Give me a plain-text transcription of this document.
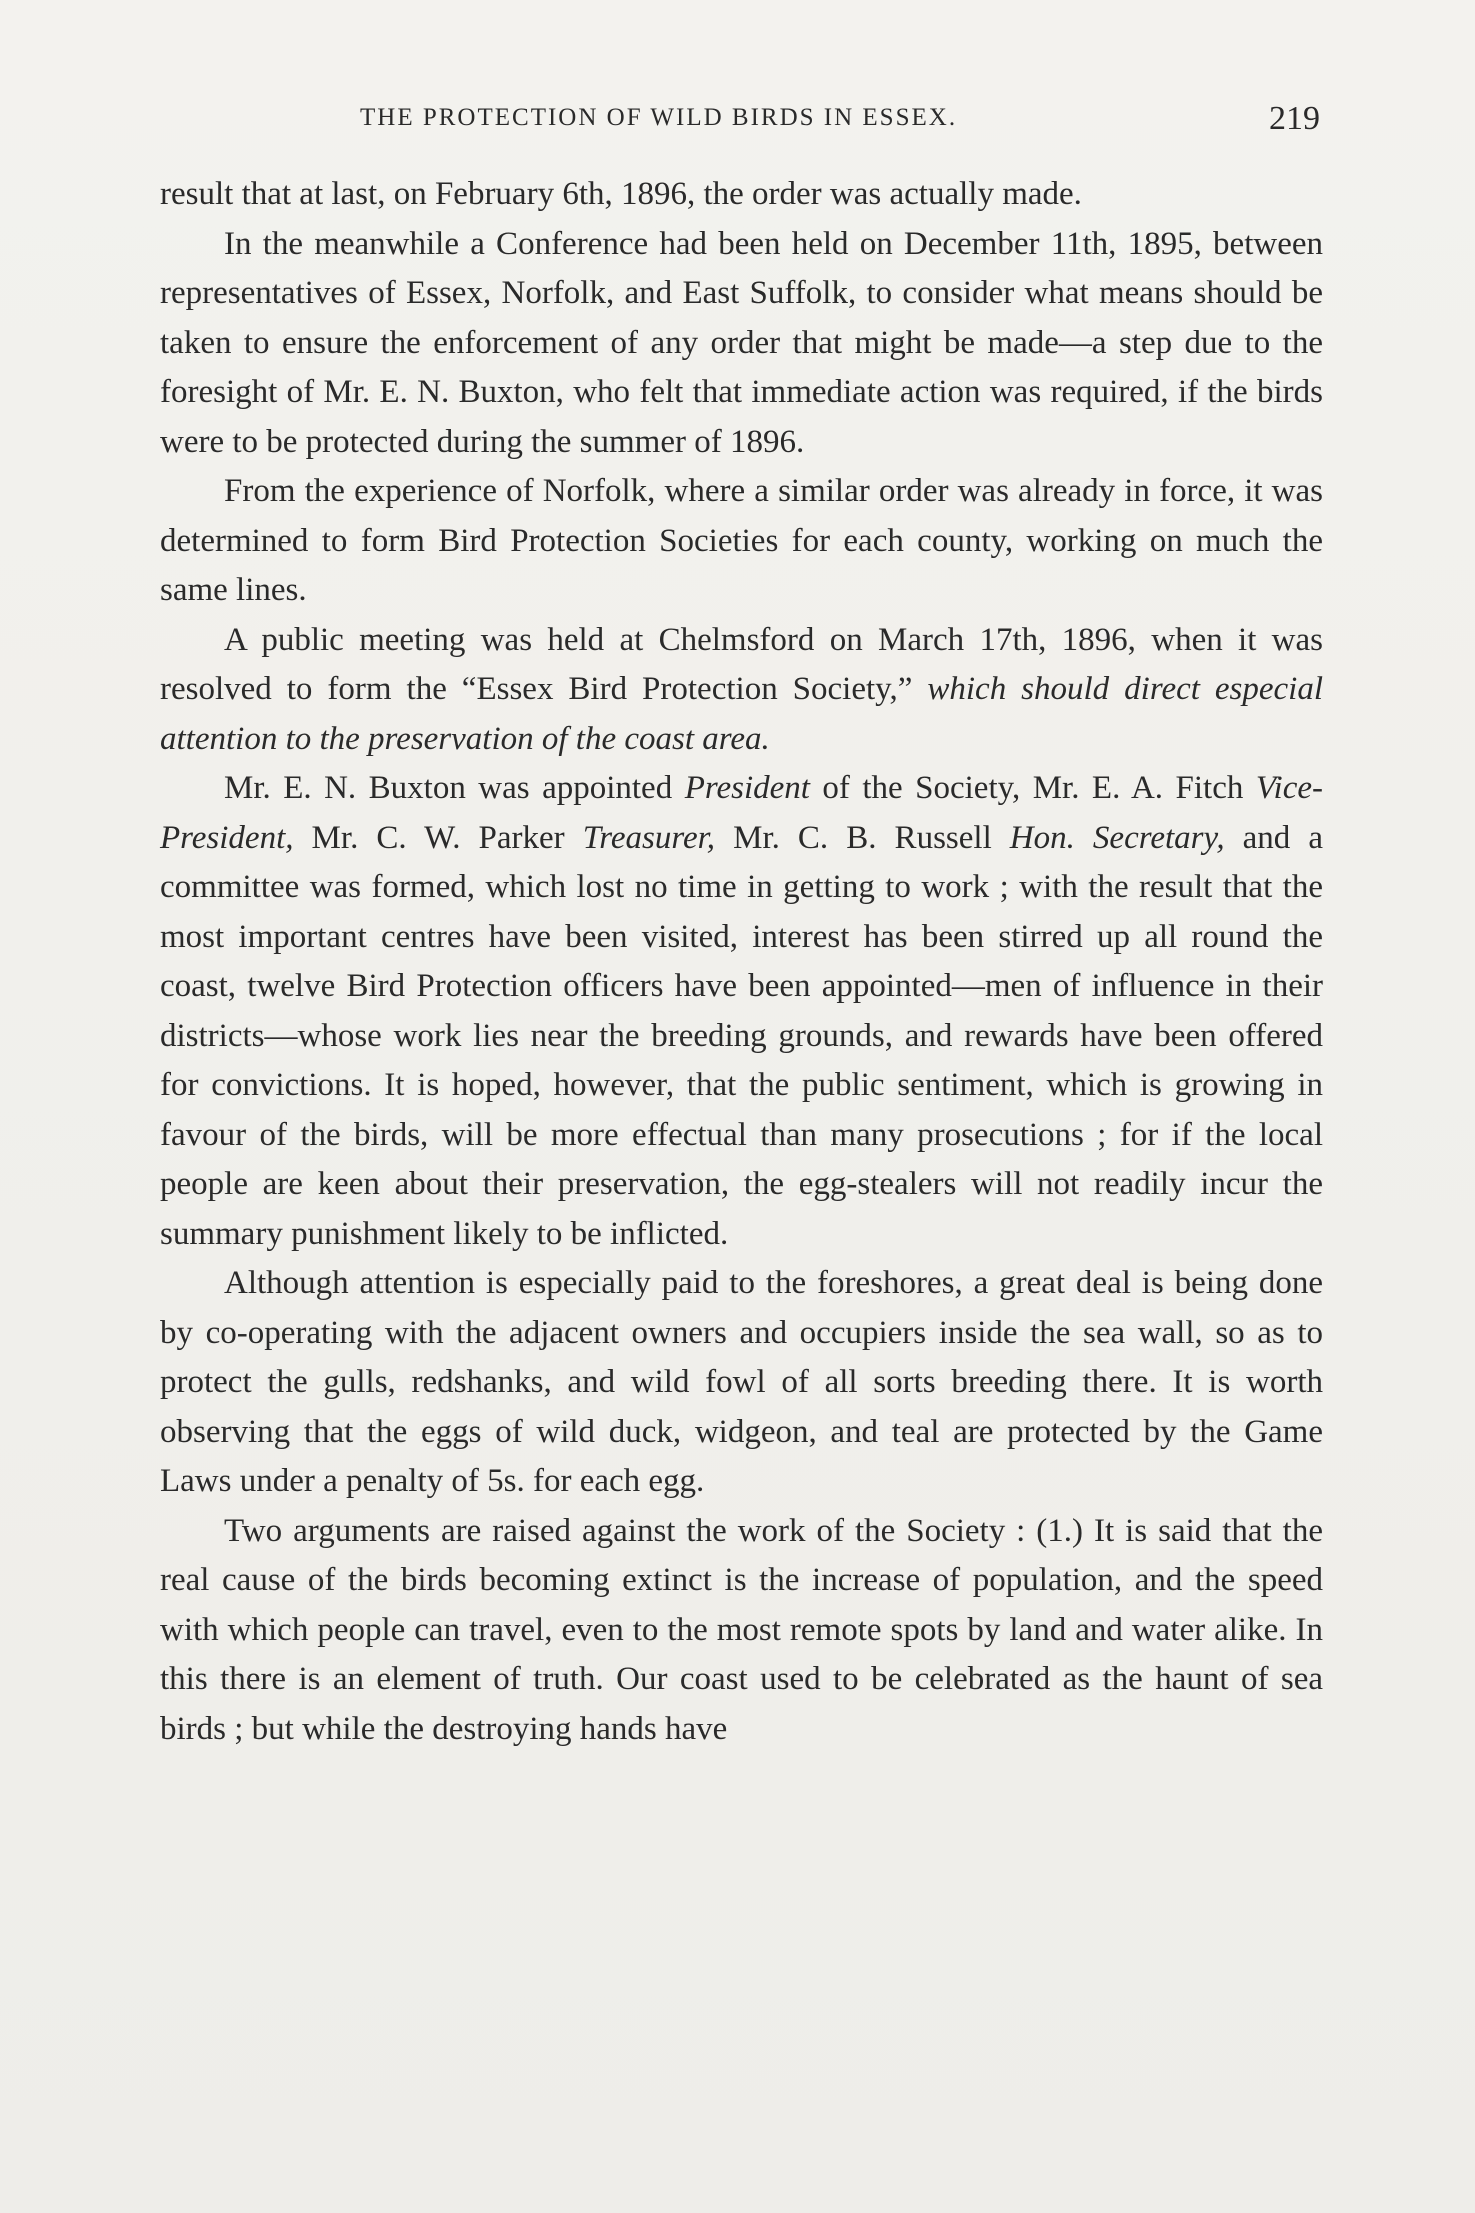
THE PROTECTION OF WILD BIRDS IN ESSEX.	219

result that at last, on February 6th, 1896, the order was actually made.

In the meanwhile a Conference had been held on December 11th, 1895, between representatives of Essex, Norfolk, and East Suffolk, to consider what means should be taken to ensure the enforcement of any order that might be made—a step due to the foresight of Mr. E. N. Buxton, who felt that immediate action was required, if the birds were to be protected during the summer of 1896.

From the experience of Norfolk, where a similar order was already in force, it was determined to form Bird Protection Societies for each county, working on much the same lines.

A public meeting was held at Chelmsford on March 17th, 1896, when it was resolved to form the “Essex Bird Protection Society,” which should direct especial attention to the preservation of the coast area.

Mr. E. N. Buxton was appointed President of the Society, Mr. E. A. Fitch Vice-President, Mr. C. W. Parker Treasurer, Mr. C. B. Russell Hon. Secretary, and a committee was formed, which lost no time in getting to work ; with the result that the most important centres have been visited, interest has been stirred up all round the coast, twelve Bird Protection officers have been appointed—men of influence in their districts—whose work lies near the breeding grounds, and rewards have been offered for convictions. It is hoped, however, that the public sentiment, which is growing in favour of the birds, will be more effectual than many prosecutions ; for if the local people are keen about their preservation, the egg-stealers will not readily incur the summary punishment likely to be inflicted.

Although attention is especially paid to the foreshores, a great deal is being done by co-operating with the adjacent owners and occupiers inside the sea wall, so as to protect the gulls, redshanks, and wild fowl of all sorts breeding there. It is worth observing that the eggs of wild duck, widgeon, and teal are protected by the Game Laws under a penalty of 5s. for each egg.

Two arguments are raised against the work of the Society : (1.) It is said that the real cause of the birds becoming extinct is the increase of population, and the speed with which people can travel, even to the most remote spots by land and water alike. In this there is an element of truth. Our coast used to be celebrated as the haunt of sea birds ; but while the destroying hands have
